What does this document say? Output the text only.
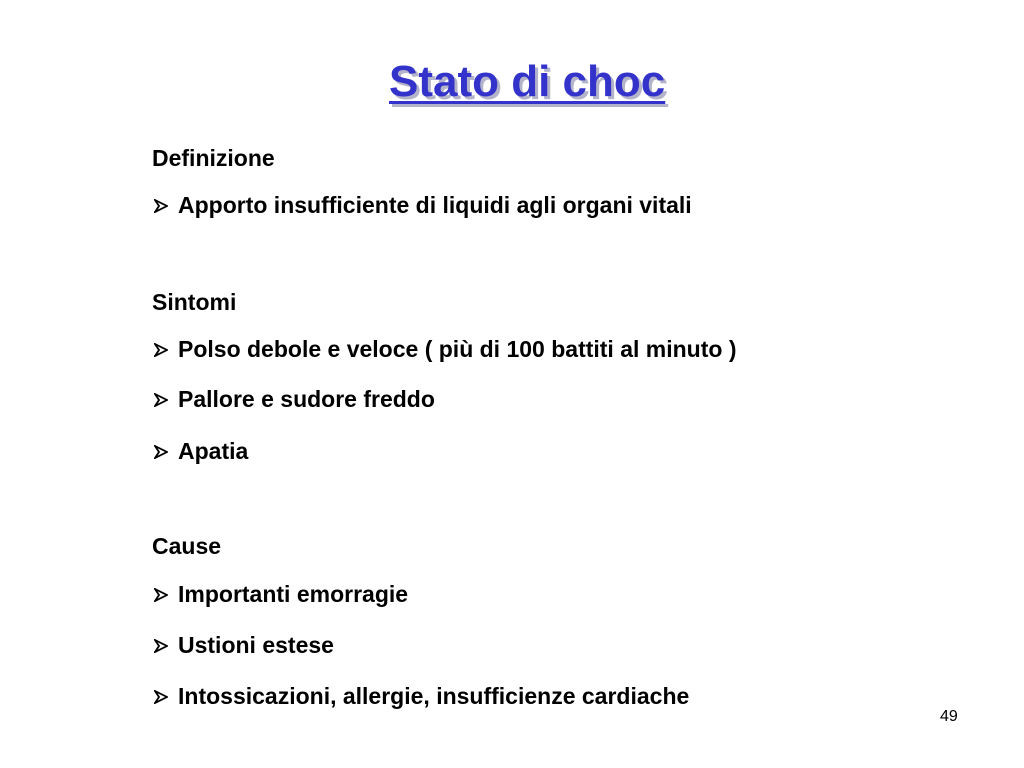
Stato di choc
Definizione
Apporto insufficiente di liquidi agli organi vitali
Sintomi
Polso debole e veloce ( più di 100 battiti al minuto )
Pallore e sudore freddo
Apatia
Cause
Importanti emorragie
Ustioni estese
Intossicazioni, allergie, insufficienze cardiache
49
